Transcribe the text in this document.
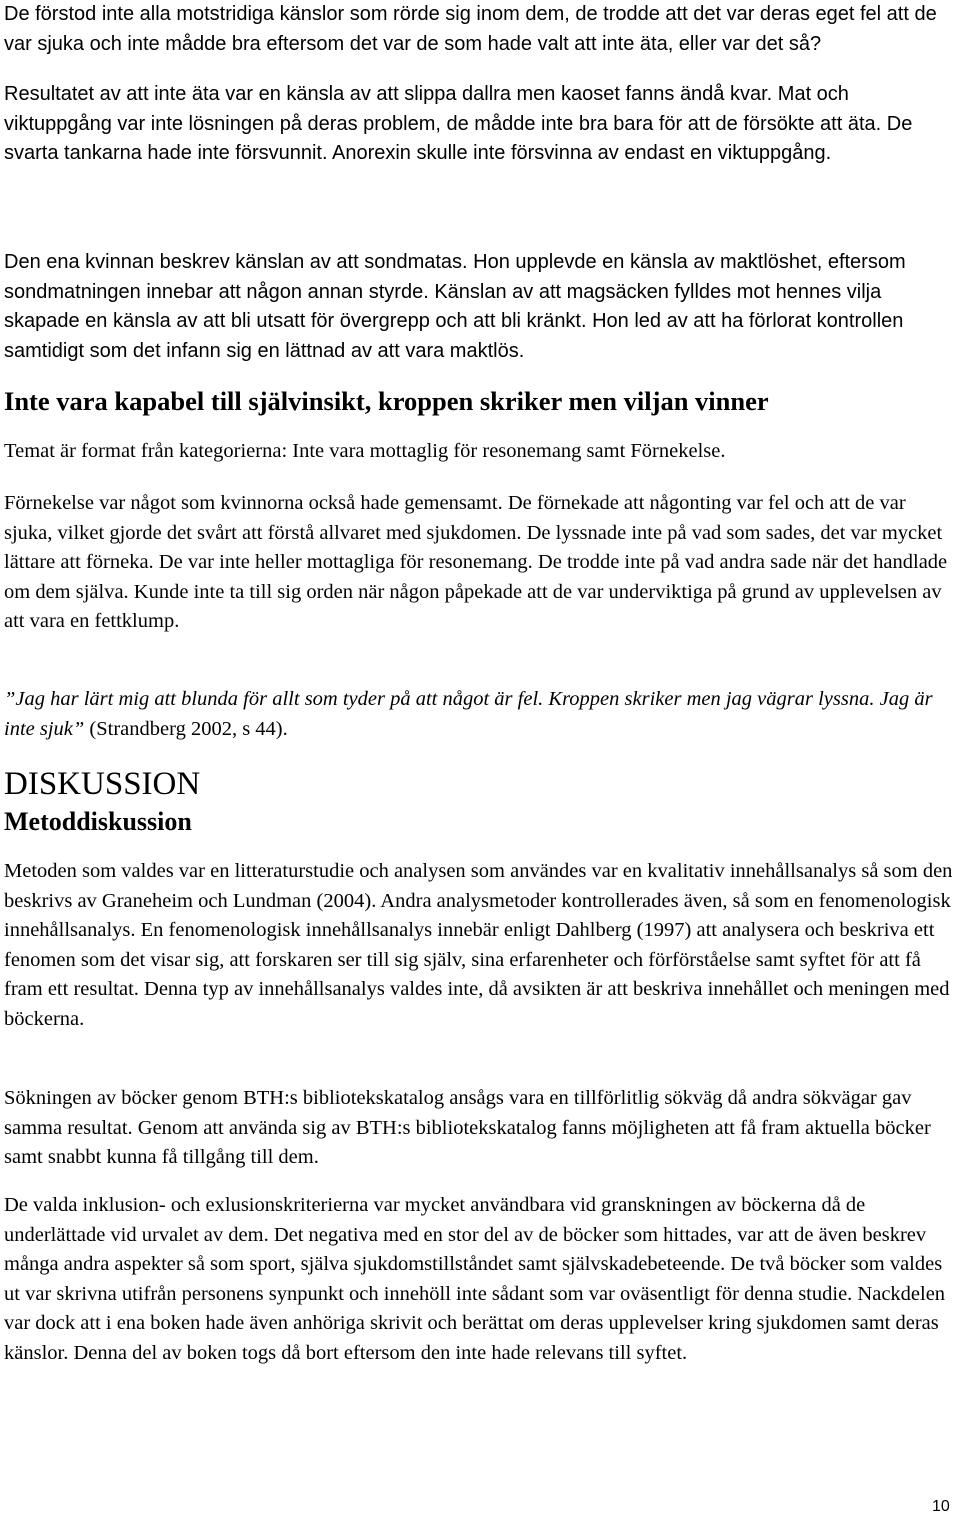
De förstod inte alla motstridiga känslor som rörde sig inom dem, de trodde att det var deras eget fel att de var sjuka och inte mådde bra eftersom det var de som hade valt att inte äta, eller var det så?

Resultatet av att inte äta var en känsla av att slippa dallra men kaoset fanns ändå kvar. Mat och viktuppgång var inte lösningen på deras problem, de mådde inte bra bara för att de försökte att äta. De svarta tankarna hade inte försvunnit. Anorexin skulle inte försvinna av endast en viktuppgång.

Den ena kvinnan beskrev känslan av att sondmatas. Hon upplevde en känsla av maktlöshet, eftersom sondmatningen innebar att någon annan styrde. Känslan av att magsäcken fylldes mot hennes vilja skapade en känsla av att bli utsatt för övergrepp och att bli kränkt. Hon led av att ha förlorat kontrollen samtidigt som det infann sig en lättnad av att vara maktlös.

Inte vara kapabel till självinsikt, kroppen skriker men viljan vinner

Temat är format från kategorierna: Inte vara mottaglig för resonemang samt Förnekelse.

Förnekelse var något som kvinnorna också hade gemensamt. De förnekade att någonting var fel och att de var sjuka, vilket gjorde det svårt att förstå allvaret med sjukdomen. De lyssnade inte på vad som sades, det var mycket lättare att förneka. De var inte heller mottagliga för resonemang. De trodde inte på vad andra sade när det handlade om dem själva. Kunde inte ta till sig orden när någon påpekade att de var underviktiga på grund av upplevelsen av att vara en fettklump.

”Jag har lärt mig att blunda för allt som tyder på att något är fel. Kroppen skriker men jag vägrar lyssna. Jag är inte sjuk” (Strandberg 2002, s 44).

DISKUSSION
Metoddiskussion

Metoden som valdes var en litteraturstudie och analysen som användes var en kvalitativ innehållsanalys så som den beskrivs av Graneheim och Lundman (2004). Andra analysmetoder kontrollerades även, så som en fenomenologisk innehållsanalys. En fenomenologisk innehållsanalys innebär enligt Dahlberg (1997) att analysera och beskriva ett fenomen som det visar sig, att forskaren ser till sig själv, sina erfarenheter och förförståelse samt syftet för att få fram ett resultat. Denna typ av innehållsanalys valdes inte, då avsikten är att beskriva innehållet och meningen med böckerna.

Sökningen av böcker genom BTH:s bibliotekskatalog ansågs vara en tillförlitlig sökväg då andra sökvägar gav samma resultat. Genom att använda sig av BTH:s bibliotekskatalog fanns möjligheten att få fram aktuella böcker samt snabbt kunna få tillgång till dem.

De valda inklusion- och exlusionskriterierna var mycket användbara vid granskningen av böckerna då de underlättade vid urvalet av dem. Det negativa med en stor del av de böcker som hittades, var att de även beskrev många andra aspekter så som sport, själva sjukdomstillståndet samt självskadebeteende. De två böcker som valdes ut var skrivna utifrån personens synpunkt och innehöll inte sådant som var oväsentligt för denna studie. Nackdelen var dock att i ena boken hade även anhöriga skrivit och berättat om deras upplevelser kring sjukdomen samt deras känslor. Denna del av boken togs då bort eftersom den inte hade relevans till syftet.

10
